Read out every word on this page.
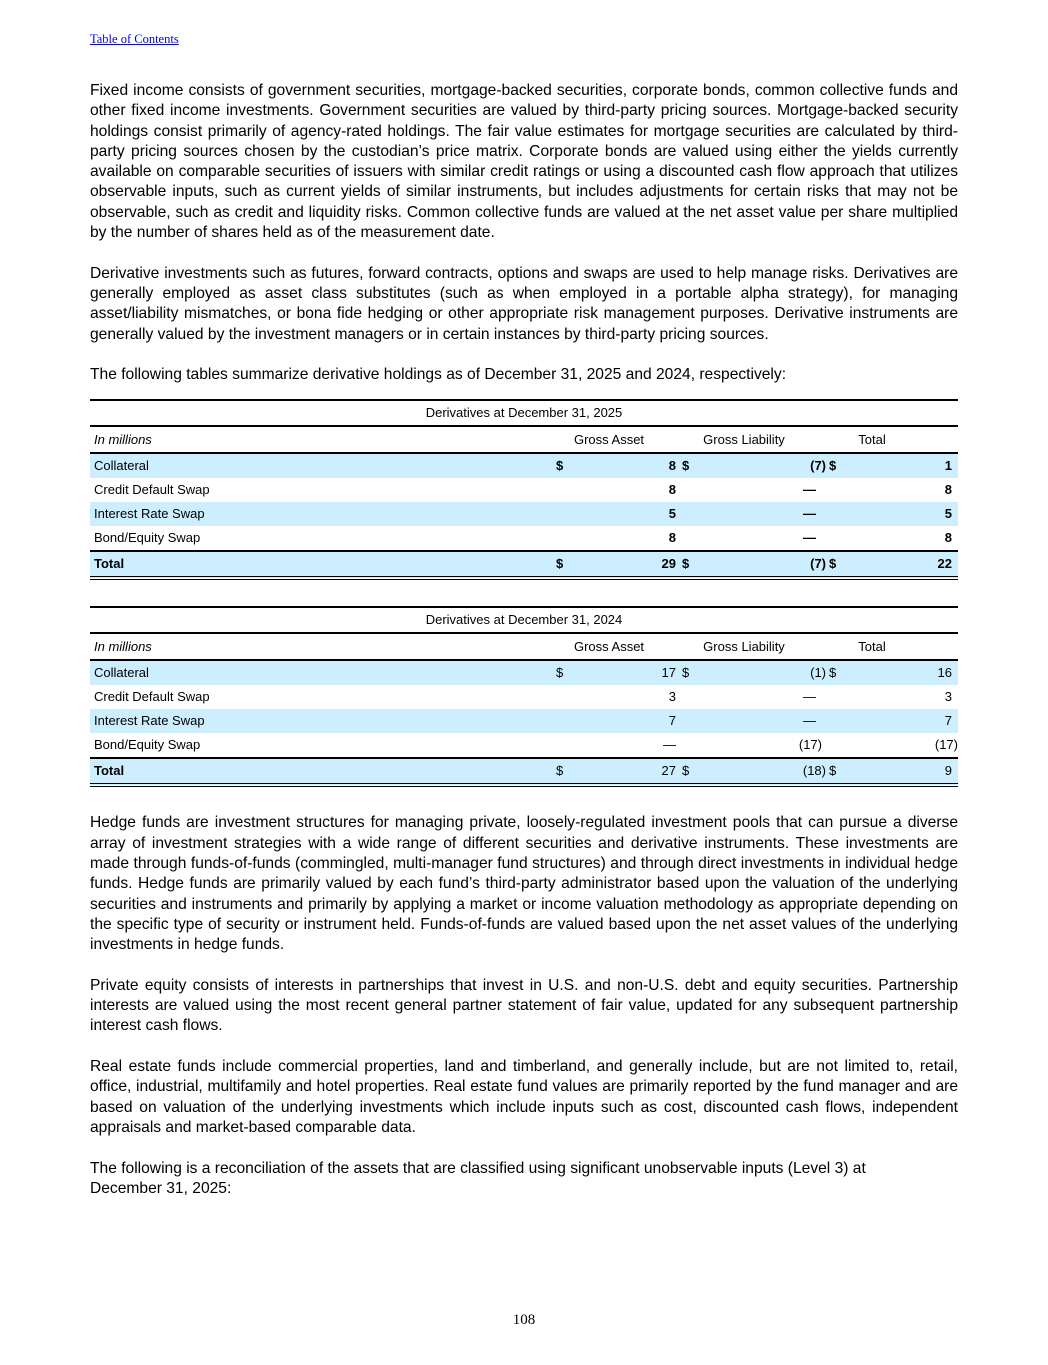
Table of Contents

Fixed income consists of government securities, mortgage-backed securities, corporate bonds, common collective funds and other fixed income investments. Government securities are valued by third-party pricing sources. Mortgage-backed security holdings consist primarily of agency-rated holdings. The fair value estimates for mortgage securities are calculated by third-party pricing sources chosen by the custodian’s price matrix. Corporate bonds are valued using either the yields currently available on comparable securities of issuers with similar credit ratings or using a discounted cash flow approach that utilizes observable inputs, such as current yields of similar instruments, but includes adjustments for certain risks that may not be observable, such as credit and liquidity risks. Common collective funds are valued at the net asset value per share multiplied by the number of shares held as of the measurement date.

Derivative investments such as futures, forward contracts, options and swaps are used to help manage risks. Derivatives are generally employed as asset class substitutes (such as when employed in a portable alpha strategy), for managing asset/liability mismatches, or bona fide hedging or other appropriate risk management purposes. Derivative instruments are generally valued by the investment managers or in certain instances by third-party pricing sources.

The following tables summarize derivative holdings as of December 31, 2025 and 2024, respectively:

Derivatives at December 31, 2025						
In millions	Gross Asset		Gross Liability		Total	
Collateral	$	8	$	(7)	$	1
Credit Default Swap		8		—		8
Interest Rate Swap		5		—		5
Bond/Equity Swap		8		—		8
Total	$	29	$	(7)	$	22
Derivatives at December 31, 2024						
In millions	Gross Asset		Gross Liability		Total	
Collateral	$	17	$	(1)	$	16
Credit Default Swap		3		—		3
Interest Rate Swap		7		—		7
Bond/Equity Swap		—		(17)		(17)
Total	$	27	$	(18)	$	9

Hedge funds are investment structures for managing private, loosely-regulated investment pools that can pursue a diverse array of investment strategies with a wide range of different securities and derivative instruments. These investments are made through funds-of-funds (commingled, multi-manager fund structures) and through direct investments in individual hedge funds. Hedge funds are primarily valued by each fund’s third-party administrator based upon the valuation of the underlying securities and instruments and primarily by applying a market or income valuation methodology as appropriate depending on the specific type of security or instrument held. Funds-of-funds are valued based upon the net asset values of the underlying investments in hedge funds.

Private equity consists of interests in partnerships that invest in U.S. and non-U.S. debt and equity securities. Partnership interests are valued using the most recent general partner statement of fair value, updated for any subsequent partnership interest cash flows.

Real estate funds include commercial properties, land and timberland, and generally include, but are not limited to, retail, office, industrial, multifamily and hotel properties. Real estate fund values are primarily reported by the fund manager and are based on valuation of the underlying investments which include inputs such as cost, discounted cash flows, independent appraisals and market-based comparable data.

The following is a reconciliation of the assets that are classified using significant unobservable inputs (Level 3) at December 31, 2025:

108
